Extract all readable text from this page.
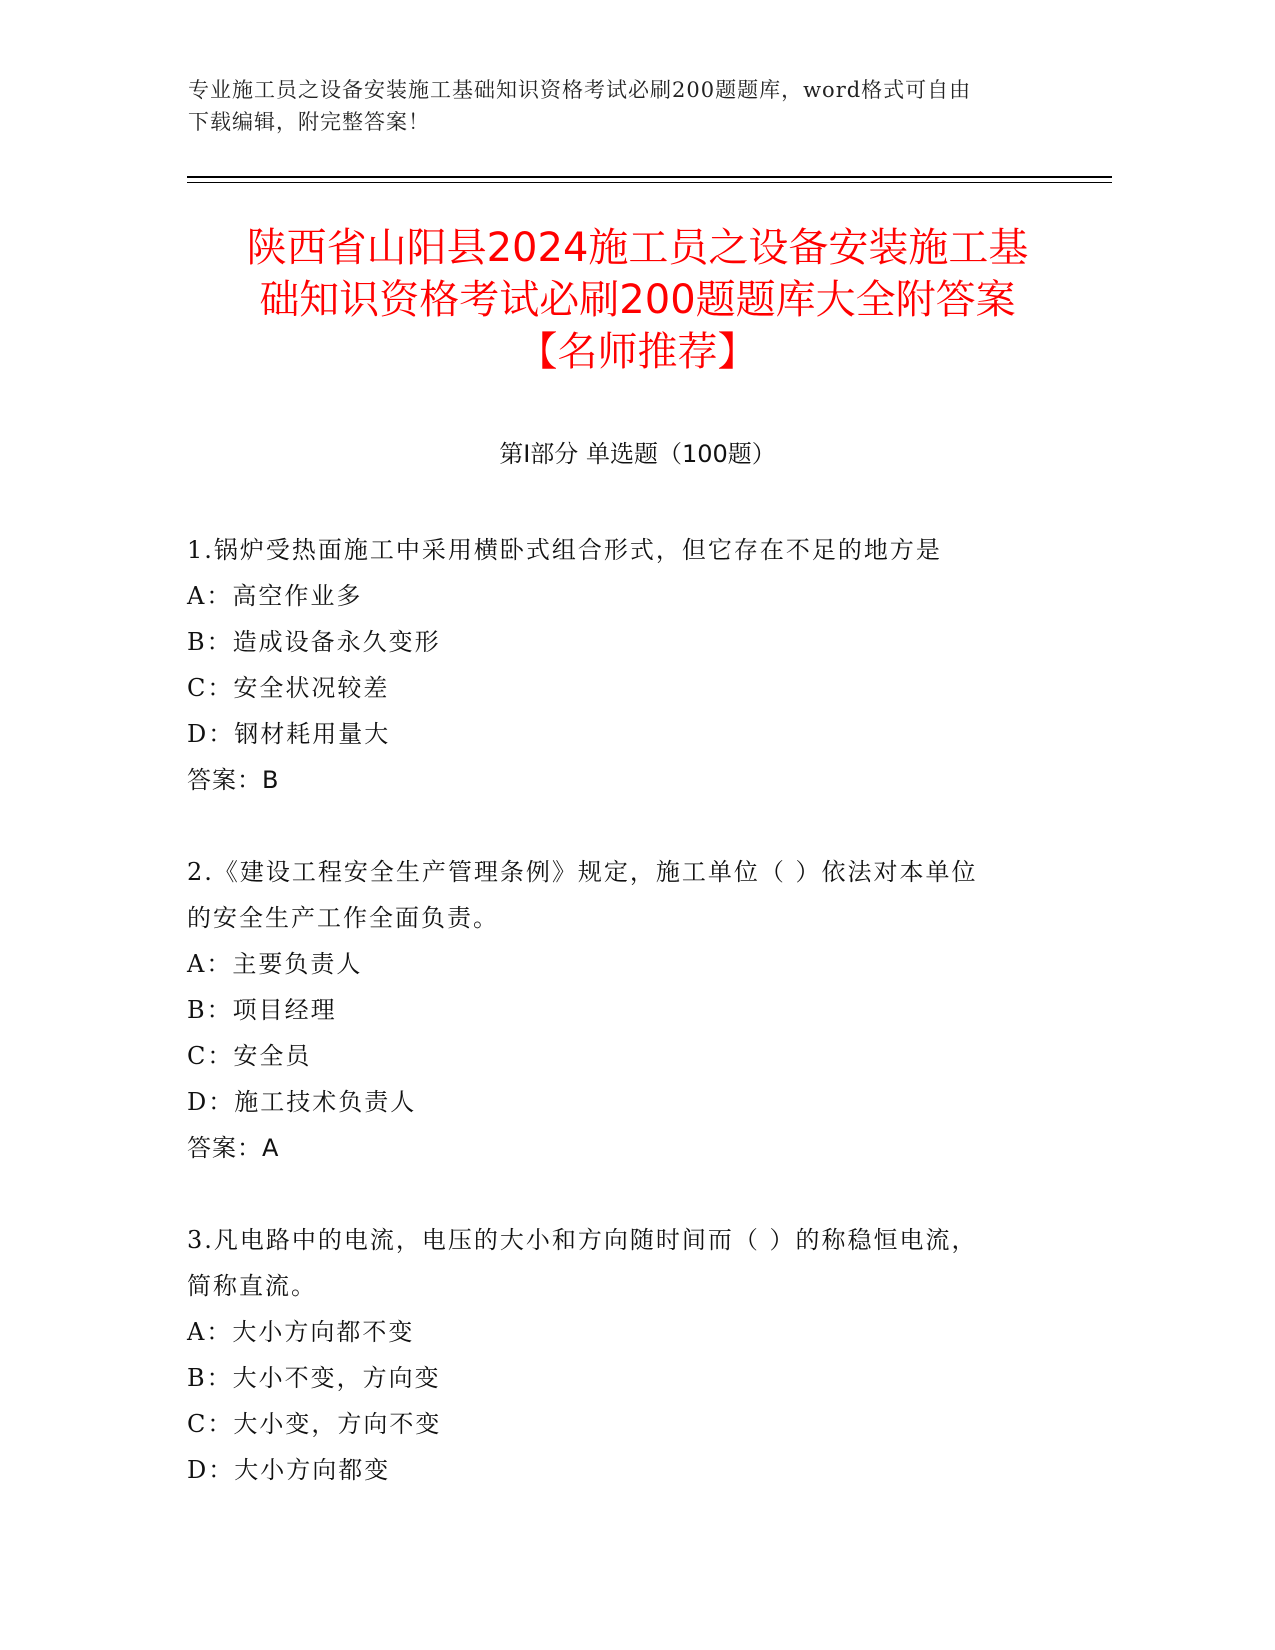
专业施工员之设备安装施工基础知识资格考试必刷200题题库，word格式可自由
下载编辑，附完整答案！
陕西省山阳县2024施工员之设备安装施工基
础知识资格考试必刷200题题库大全附答案
【名师推荐】
第Ⅰ部分 单选题（100题）
1.锅炉受热面施工中采用横卧式组合形式，但它存在不足的地方是
A：高空作业多
B：造成设备永久变形
C：安全状况较差
D：钢材耗用量大
答案：B
2.《建设工程安全生产管理条例》规定，施工单位（ ）依法对本单位
的安全生产工作全面负责。
A：主要负责人
B：项目经理
C：安全员
D：施工技术负责人
答案：A
3.凡电路中的电流，电压的大小和方向随时间而（ ）的称稳恒电流，
简称直流。
A：大小方向都不变
B：大小不变，方向变
C：大小变，方向不变
D：大小方向都变
